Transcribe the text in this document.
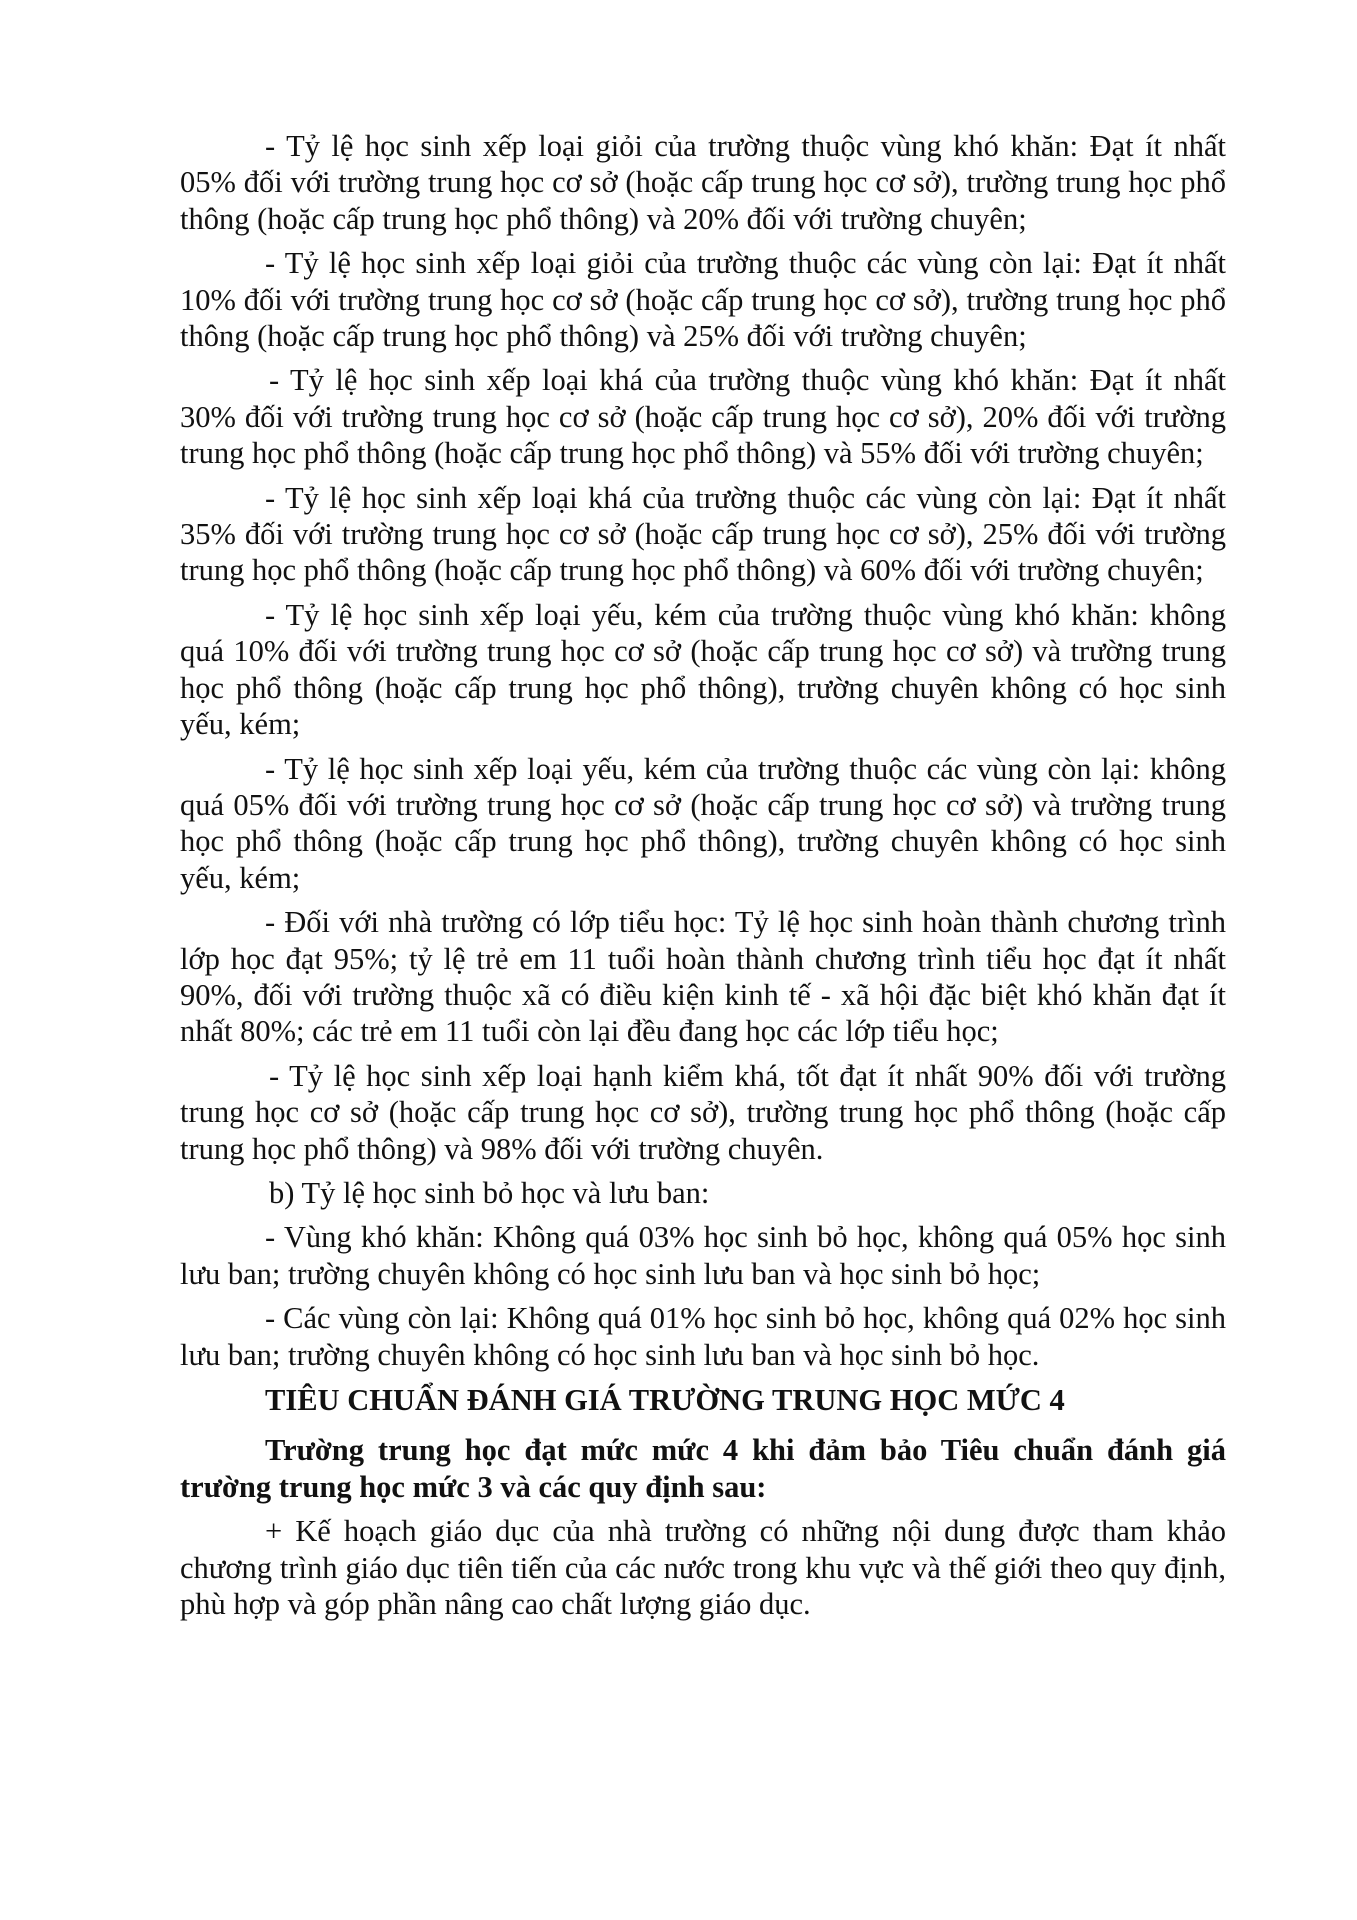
- Tỷ lệ học sinh xếp loại giỏi của trường thuộc vùng khó khăn: Đạt ít nhất 05% đối với trường trung học cơ sở (hoặc cấp trung học cơ sở), trường trung học phổ thông (hoặc cấp trung học phổ thông) và 20% đối với trường chuyên;

- Tỷ lệ học sinh xếp loại giỏi của trường thuộc các vùng còn lại: Đạt ít nhất 10% đối với trường trung học cơ sở (hoặc cấp trung học cơ sở), trường trung học phổ thông (hoặc cấp trung học phổ thông) và 25% đối với trường chuyên;

- Tỷ lệ học sinh xếp loại khá của trường thuộc vùng khó khăn: Đạt ít nhất 30% đối với trường trung học cơ sở (hoặc cấp trung học cơ sở), 20% đối với trường trung học phổ thông (hoặc cấp trung học phổ thông) và 55% đối với trường chuyên;

- Tỷ lệ học sinh xếp loại khá của trường thuộc các vùng còn lại: Đạt ít nhất 35% đối với trường trung học cơ sở (hoặc cấp trung học cơ sở), 25% đối với trường trung học phổ thông (hoặc cấp trung học phổ thông) và 60% đối với trường chuyên;

- Tỷ lệ học sinh xếp loại yếu, kém của trường thuộc vùng khó khăn: không quá 10% đối với trường trung học cơ sở (hoặc cấp trung học cơ sở) và trường trung học phổ thông (hoặc cấp trung học phổ thông), trường chuyên không có học sinh yếu, kém;

- Tỷ lệ học sinh xếp loại yếu, kém của trường thuộc các vùng còn lại: không quá 05% đối với trường trung học cơ sở (hoặc cấp trung học cơ sở) và trường trung học phổ thông (hoặc cấp trung học phổ thông), trường chuyên không có học sinh yếu, kém;

- Đối với nhà trường có lớp tiểu học: Tỷ lệ học sinh hoàn thành chương trình lớp học đạt 95%; tỷ lệ trẻ em 11 tuổi hoàn thành chương trình tiểu học đạt ít nhất 90%, đối với trường thuộc xã có điều kiện kinh tế - xã hội đặc biệt khó khăn đạt ít nhất 80%; các trẻ em 11 tuổi còn lại đều đang học các lớp tiểu học;

- Tỷ lệ học sinh xếp loại hạnh kiểm khá, tốt đạt ít nhất 90% đối với trường trung học cơ sở (hoặc cấp trung học cơ sở), trường trung học phổ thông (hoặc cấp trung học phổ thông) và 98% đối với trường chuyên.

b) Tỷ lệ học sinh bỏ học và lưu ban:

- Vùng khó khăn: Không quá 03% học sinh bỏ học, không quá 05% học sinh lưu ban; trường chuyên không có học sinh lưu ban và học sinh bỏ học;

- Các vùng còn lại: Không quá 01% học sinh bỏ học, không quá 02% học sinh lưu ban; trường chuyên không có học sinh lưu ban và học sinh bỏ học.

TIÊU CHUẨN ĐÁNH GIÁ TRƯỜNG TRUNG HỌC MỨC 4

Trường trung học đạt mức mức 4 khi đảm bảo Tiêu chuẩn đánh giá trường trung học mức 3 và các quy định sau:

+ Kế hoạch giáo dục của nhà trường có những nội dung được tham khảo chương trình giáo dục tiên tiến của các nước trong khu vực và thế giới theo quy định, phù hợp và góp phần nâng cao chất lượng giáo dục.
